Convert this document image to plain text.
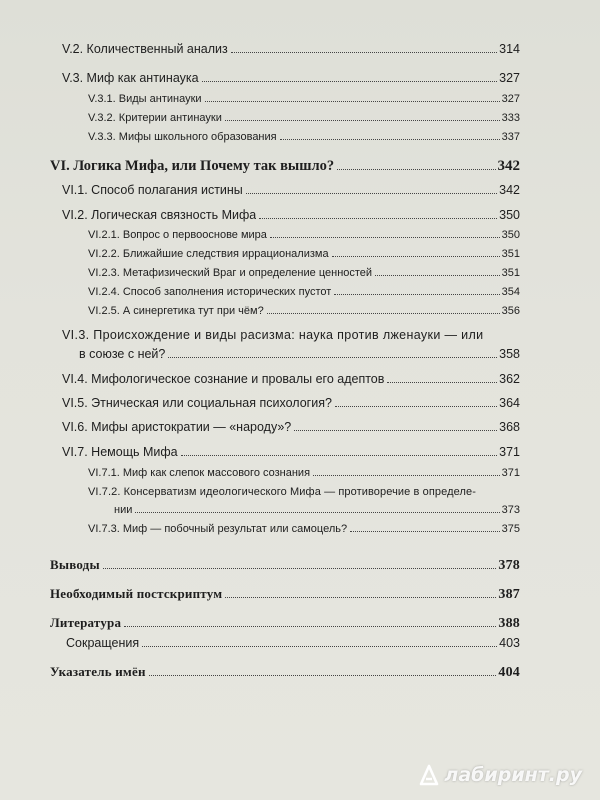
V.2. Количественный анализ	314
V.3. Миф как антинаука	327
V.3.1. Виды антинауки	327
V.3.2. Критерии антинауки	333
V.3.3. Мифы школьного образования	337
VI. Логика Мифа, или Почему так вышло?	342
VI.1. Способ полагания истины	342
VI.2. Логическая связность Мифа	350
VI.2.1. Вопрос о первооснове мира	350
VI.2.2. Ближайшие следствия иррационализма	351
VI.2.3. Метафизический Враг и определение ценностей	351
VI.2.4. Способ заполнения исторических пустот	354
VI.2.5. А синергетика тут при чём?	356
VI.3. Происхождение и виды расизма: наука против лженауки — или
в союзе с ней?	358
VI.4. Мифологическое сознание и провалы его адептов	362
VI.5. Этническая или социальная психология?	364
VI.6. Мифы аристократии — «народу»?	368
VI.7. Немощь Мифа	371
VI.7.1. Миф как слепок массового сознания	371
VI.7.2. Консерватизм идеологического Мифа — противоречие в определе-
нии	373
VI.7.3. Миф — побочный результат или самоцель?	375
Выводы	378
Необходимый постскриптум	387
Литература	388
Сокращения	403
Указатель имён	404
лабиринт.ру
